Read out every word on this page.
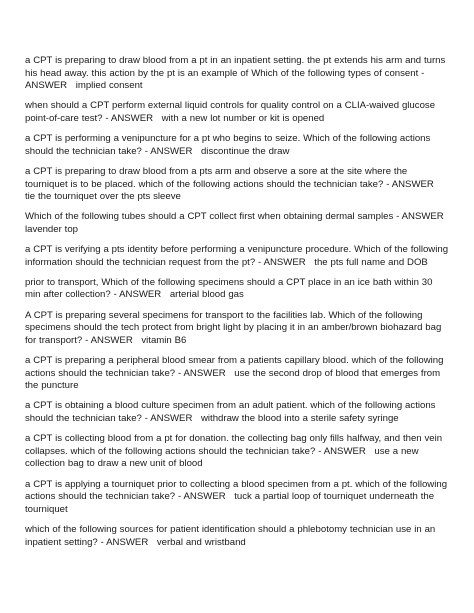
a CPT is preparing to draw blood from a pt in an inpatient setting. the pt extends his arm and turns his head away. this action by the pt is an example of Which of the following types of consent - ANSWER   implied consent

when should a CPT perform external liquid controls for quality control on a CLIA-waived glucose point-of-care test? - ANSWER   with a new lot number or kit is opened

a CPT is performing a venipuncture for a pt who begins to seize. Which of the following actions should the technician take? - ANSWER   discontinue the draw

a CPT is preparing to draw blood from a pts arm and observe a sore at the site where the tourniquet is to be placed. which of the following actions should the technician take? - ANSWER   tie the tourniquet over the pts sleeve

Which of the following tubes should a CPT collect first when obtaining dermal samples - ANSWER   lavender top

a CPT is verifying a pts identity before performing a venipuncture procedure. Which of the following information should the technician request from the pt? - ANSWER   the pts full name and DOB

prior to transport, Which of the following specimens should a CPT place in an ice bath within 30 min after collection? - ANSWER   arterial blood gas

A CPT is preparing several specimens for transport to the facilities lab. Which of the following specimens should the tech protect from bright light by placing it in an amber/brown biohazard bag for transport? - ANSWER   vitamin B6

a CPT is preparing a peripheral blood smear from a patients capillary blood. which of the following actions should the technician take? - ANSWER   use the second drop of blood that emerges from the puncture

a CPT is obtaining a blood culture specimen from an adult patient. which of the following actions should the technician take? - ANSWER   withdraw the blood into a sterile safety syringe

a CPT is collecting blood from a pt for donation. the collecting bag only fills halfway, and then vein collapses. which of the following actions should the technician take? - ANSWER   use a new collection bag to draw a new unit of blood

a CPT is applying a tourniquet prior to collecting a blood specimen from a pt. which of the following actions should the technician take? - ANSWER   tuck a partial loop of tourniquet underneath the tourniquet

which of the following sources for patient identification should a phlebotomy technician use in an inpatient setting? - ANSWER   verbal and wristband
